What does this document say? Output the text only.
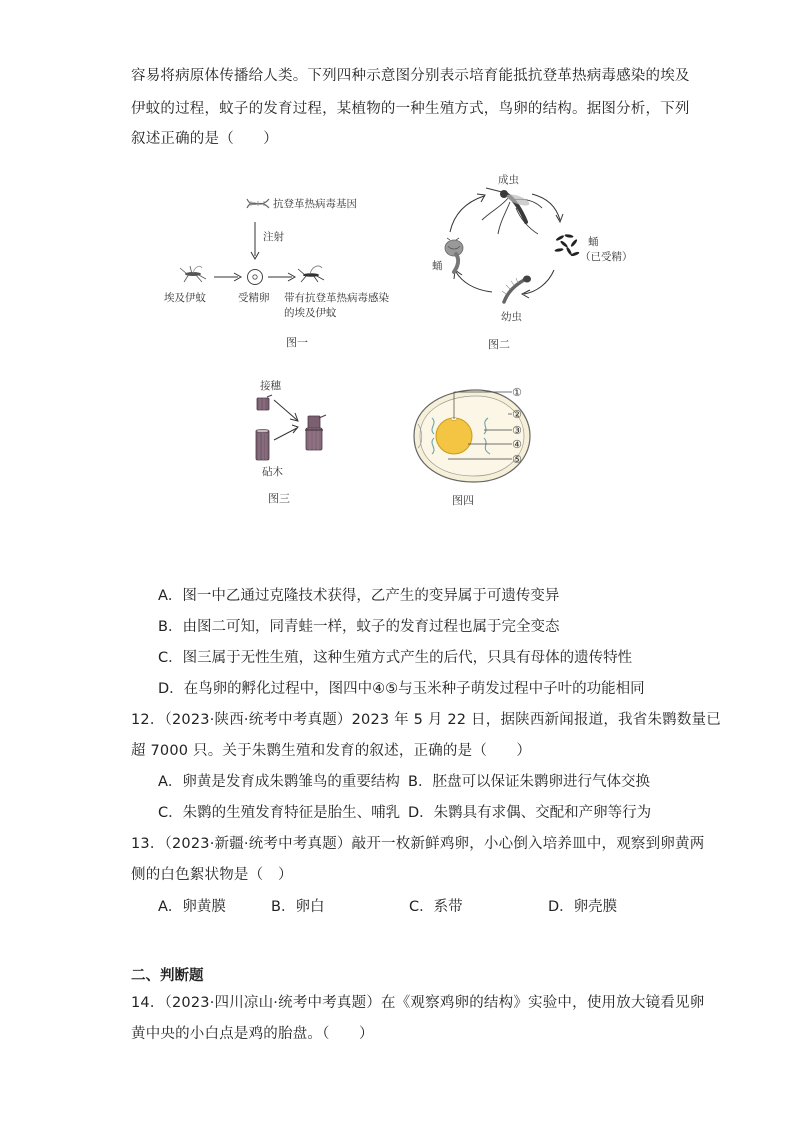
容易将病原体传播给人类。下列四种示意图分别表示培育能抵抗登革热病毒感染的埃及
伊蚊的过程，蚊子的发育过程，某植物的一种生殖方式，鸟卵的结构。据图分析，下列
叙述正确的是（　　）
抗登革热病毒基因
注射
埃及伊蚊	受精卵 带有抗登革热病毒感染
的埃及伊蚊
图一
成虫
蛹
（已受精）
蛹
幼虫
图二
接穗
砧木
图三
①
②
③
④
⑤
图四
A．图一中乙通过克隆技术获得，乙产生的变异属于可遗传变异
B．由图二可知，同青蛙一样，蚊子的发育过程也属于完全变态
C．图三属于无性生殖，这种生殖方式产生的后代，只具有母体的遗传特性
D．在鸟卵的孵化过程中，图四中④⑤与玉米种子萌发过程中子叶的功能相同
12．（2023·陕西·统考中考真题）2023 年 5 月 22 日，据陕西新闻报道，我省朱鹮数量已
超 7000 只。关于朱鹮生殖和发育的叙述，正确的是（　　）
A．卵黄是发育成朱鹮雏鸟的重要结构 B．胚盘可以保证朱鹮卵进行气体交换
C．朱鹮的生殖发育特征是胎生、哺乳 D．朱鹮具有求偶、交配和产卵等行为
13．（2023·新疆·统考中考真题）敲开一枚新鲜鸡卵，小心倒入培养皿中，观察到卵黄两
侧的白色絮状物是（　）
A．卵黄膜	B．卵白	C．系带	D．卵壳膜
二、判断题
14．（2023·四川凉山·统考中考真题）在《观察鸡卵的结构》实验中，使用放大镜看见卵
黄中央的小白点是鸡的胎盘。（　　）
